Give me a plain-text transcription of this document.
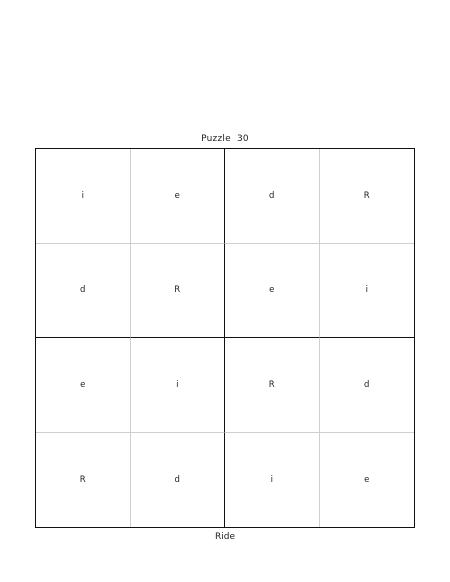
Puzzle  30
i	e	d	R
d	R	e	i
e	i	R	d
R	d	i	e
Ride
